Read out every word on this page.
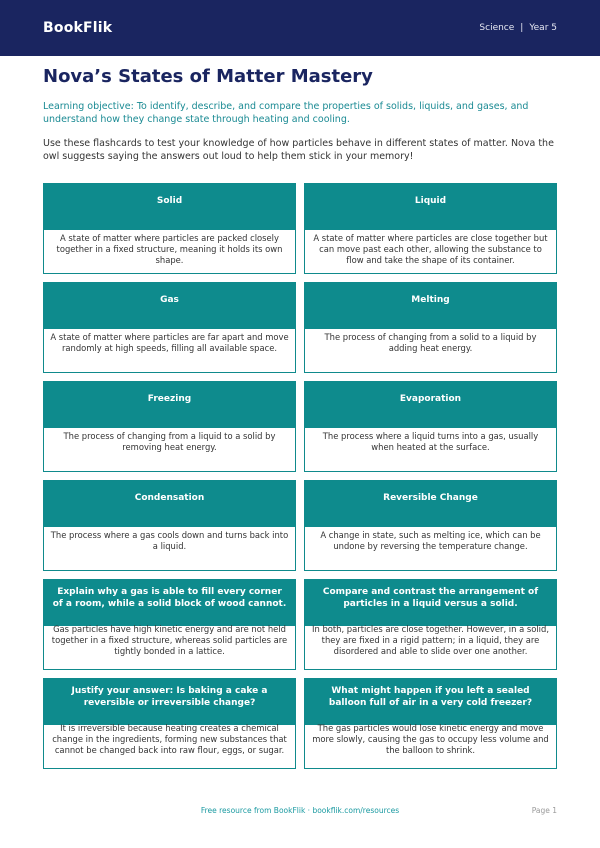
BookFlik	Science | Year 5
Nova’s States of Matter Mastery

Learning objective: To identify, describe, and compare the properties of solids, liquids, and gases, and understand how they change state through heating and cooling.

Use these flashcards to test your knowledge of how particles behave in different states of matter. Nova the owl suggests saying the answers out loud to help them stick in your memory!

Solid
A state of matter where particles are packed closely together in a fixed structure, meaning it holds its own shape.
Liquid
A state of matter where particles are close together but can move past each other, allowing the substance to flow and take the shape of its container.
Gas
A state of matter where particles are far apart and move randomly at high speeds, filling all available space.
Melting
The process of changing from a solid to a liquid by adding heat energy.
Freezing
The process of changing from a liquid to a solid by removing heat energy.
Evaporation
The process where a liquid turns into a gas, usually when heated at the surface.
Condensation
The process where a gas cools down and turns back into a liquid.
Reversible Change
A change in state, such as melting ice, which can be undone by reversing the temperature change.
Explain why a gas is able to fill every corner of a room, while a solid block of wood cannot.
Gas particles have high kinetic energy and are not held together in a fixed structure, whereas solid particles are tightly bonded in a lattice.
Compare and contrast the arrangement of particles in a liquid versus a solid.
In both, particles are close together. However, in a solid, they are fixed in a rigid pattern; in a liquid, they are disordered and able to slide over one another.
Justify your answer: Is baking a cake a reversible or irreversible change?
It is irreversible because heating creates a chemical change in the ingredients, forming new substances that cannot be changed back into raw flour, eggs, or sugar.
What might happen if you left a sealed balloon full of air in a very cold freezer?
The gas particles would lose kinetic energy and move more slowly, causing the gas to occupy less volume and the balloon to shrink.
Free resource from BookFlik · bookflik.com/resources	Page 1
